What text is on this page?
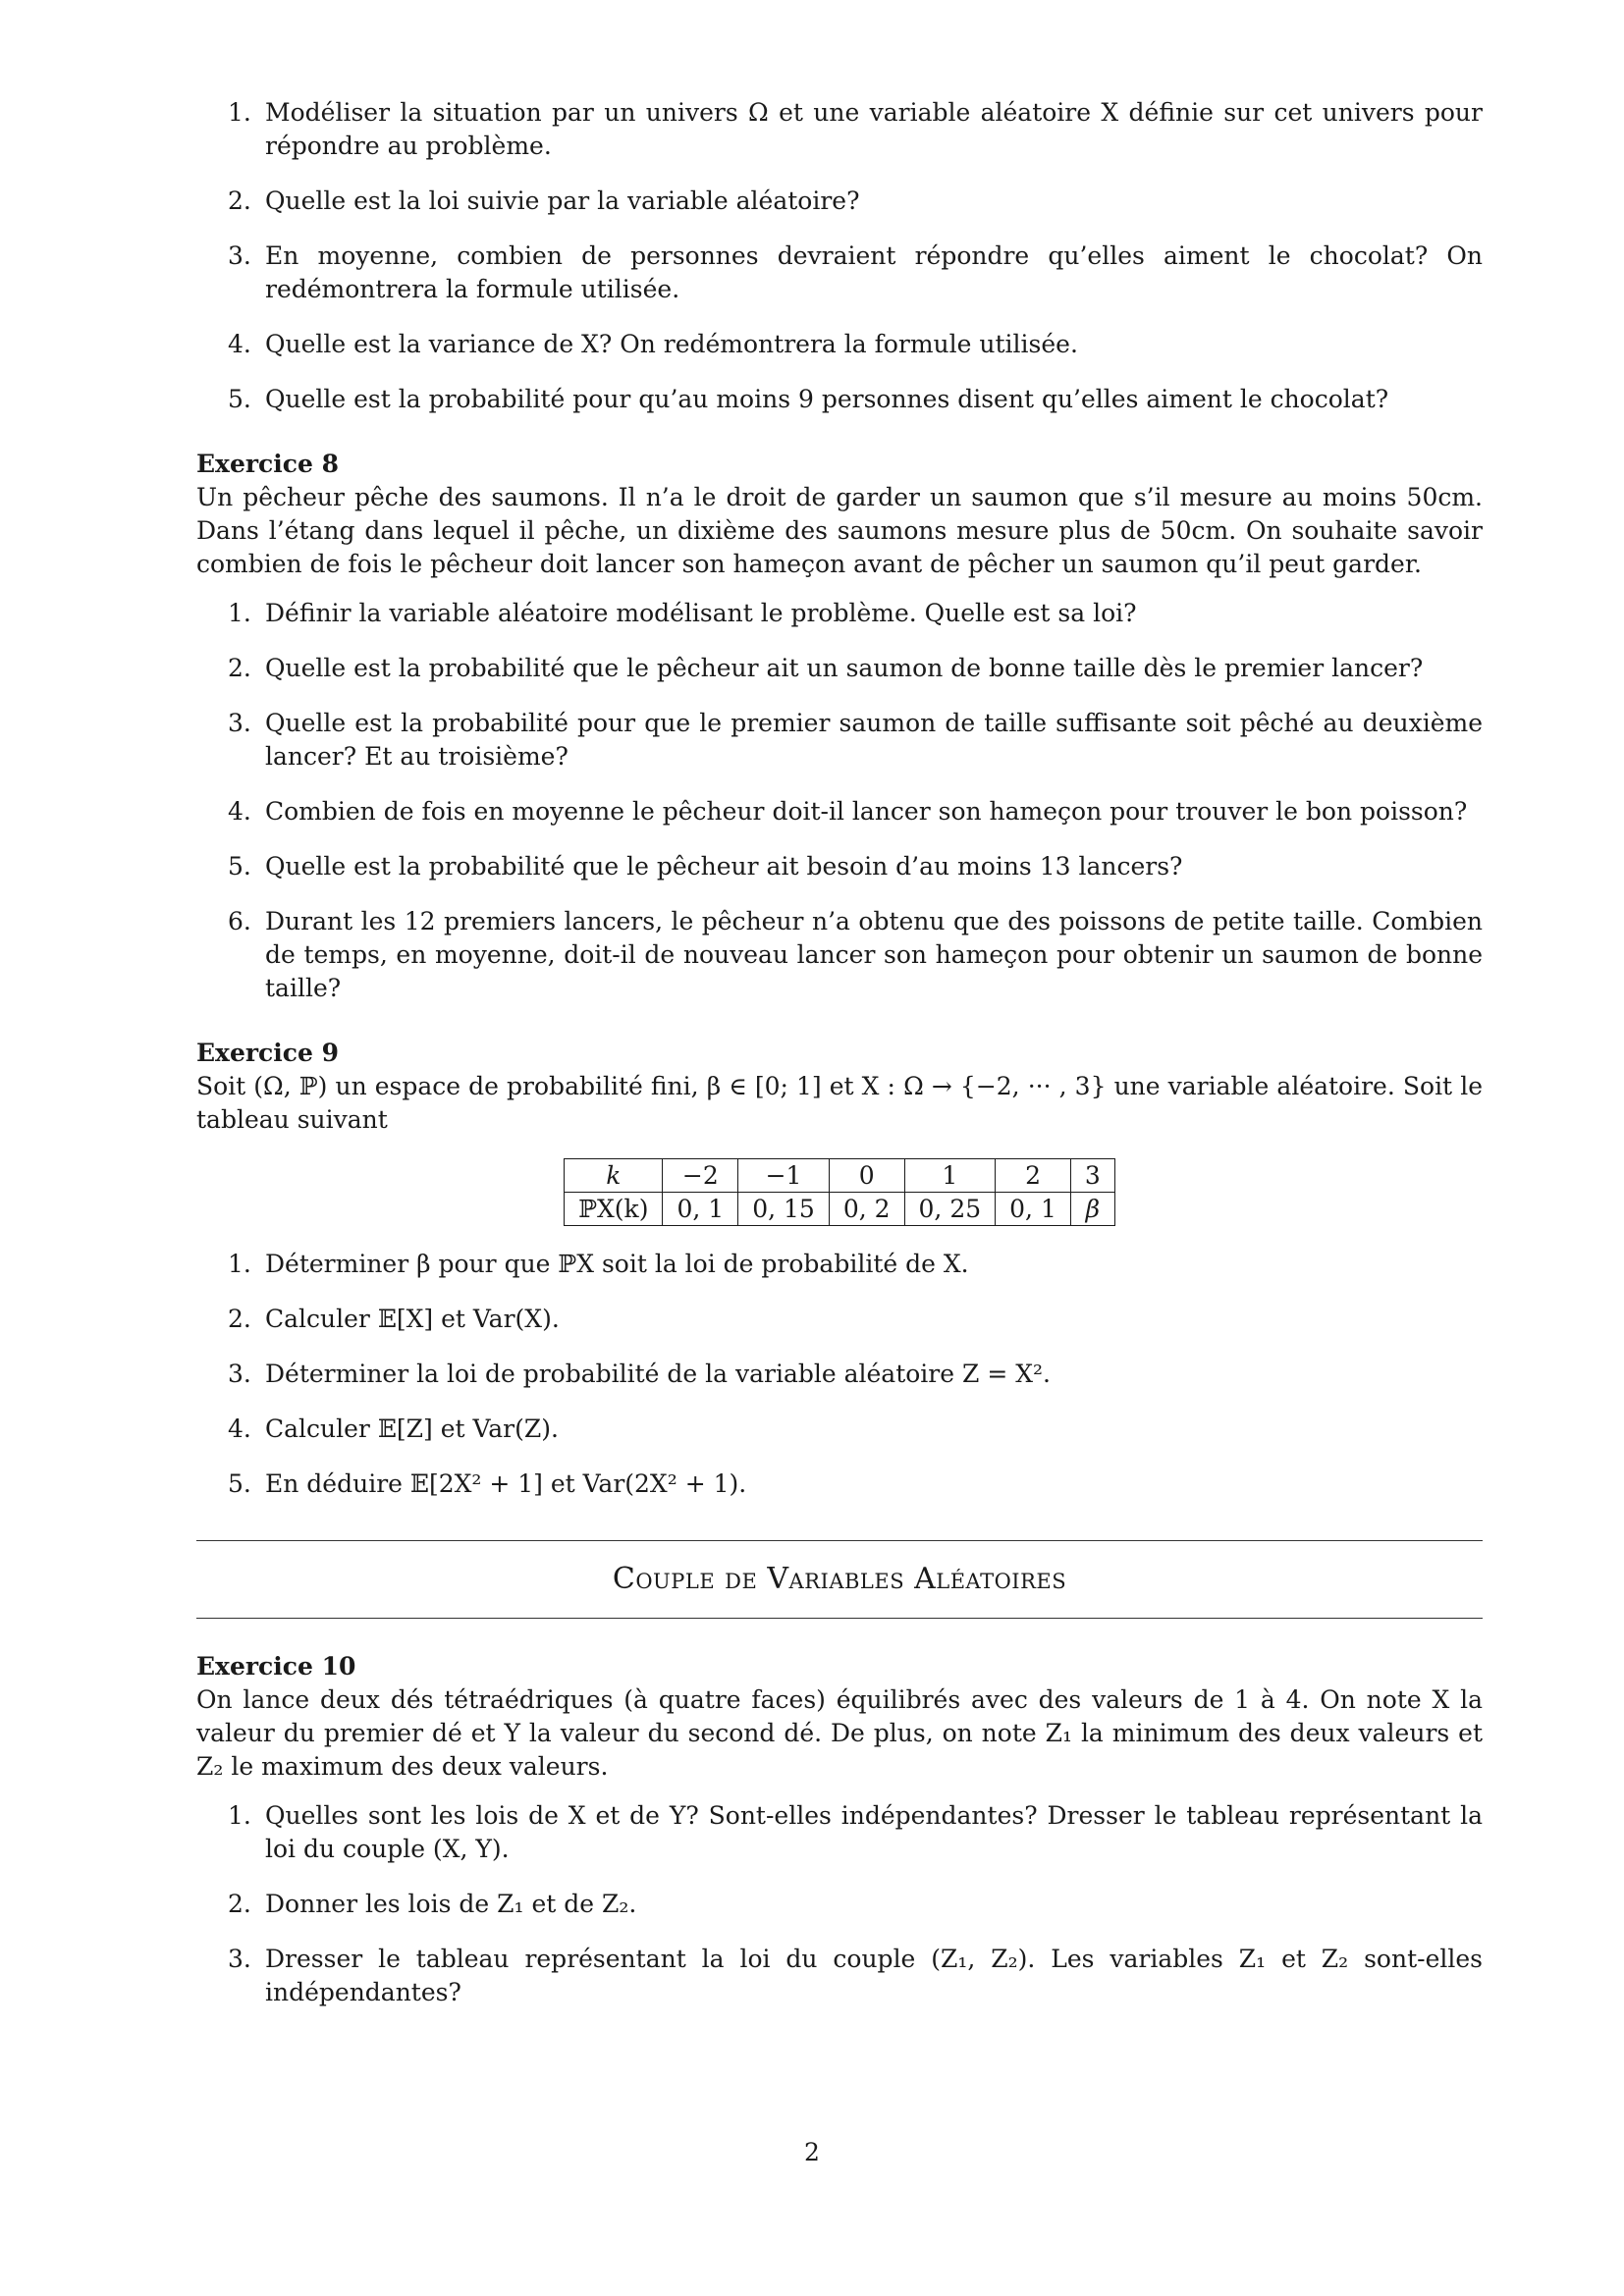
1. Modéliser la situation par un univers Ω et une variable aléatoire X définie sur cet univers pour répondre au problème.
2. Quelle est la loi suivie par la variable aléatoire?
3. En moyenne, combien de personnes devraient répondre qu’elles aiment le chocolat? On redémontrera la formule utilisée.
4. Quelle est la variance de X? On redémontrera la formule utilisée.
5. Quelle est la probabilité pour qu’au moins 9 personnes disent qu’elles aiment le chocolat?
Exercice 8

Un pêcheur pêche des saumons. Il n’a le droit de garder un saumon que s’il mesure au moins 50cm. Dans l’étang dans lequel il pêche, un dixième des saumons mesure plus de 50cm. On souhaite savoir combien de fois le pêcheur doit lancer son hameçon avant de pêcher un saumon qu’il peut garder.

1. Définir la variable aléatoire modélisant le problème. Quelle est sa loi?
2. Quelle est la probabilité que le pêcheur ait un saumon de bonne taille dès le premier lancer?
3. Quelle est la probabilité pour que le premier saumon de taille suffisante soit pêché au deuxième lancer? Et au troisième?
4. Combien de fois en moyenne le pêcheur doit-il lancer son hameçon pour trouver le bon poisson?
5. Quelle est la probabilité que le pêcheur ait besoin d’au moins 13 lancers?
6. Durant les 12 premiers lancers, le pêcheur n’a obtenu que des poissons de petite taille. Combien de temps, en moyenne, doit-il de nouveau lancer son hameçon pour obtenir un saumon de bonne taille?
Exercice 9

Soit (Ω, ℙ) un espace de probabilité fini, β ∈ [0; 1] et X : Ω → {−2, ··· , 3} une variable aléatoire. Soit le tableau suivant

k	−2	−1	0	1	2	3
ℙX(k)	0, 1	0, 15	0, 2	0, 25	0, 1	β
1. Déterminer β pour que ℙX soit la loi de probabilité de X.
2. Calculer 𝔼[X] et Var(X).
3. Déterminer la loi de probabilité de la variable aléatoire Z = X².
4. Calculer 𝔼[Z] et Var(Z).
5. En déduire 𝔼[2X² + 1] et Var(2X² + 1).
Couple de Variables Aléatoires
Exercice 10

On lance deux dés tétraédriques (à quatre faces) équilibrés avec des valeurs de 1 à 4. On note X la valeur du premier dé et Y la valeur du second dé. De plus, on note Z₁ la minimum des deux valeurs et Z₂ le maximum des deux valeurs.

1. Quelles sont les lois de X et de Y? Sont-elles indépendantes? Dresser le tableau représentant la loi du couple (X, Y).
2. Donner les lois de Z₁ et de Z₂.
3. Dresser le tableau représentant la loi du couple (Z₁, Z₂). Les variables Z₁ et Z₂ sont-elles indépendantes?
2
